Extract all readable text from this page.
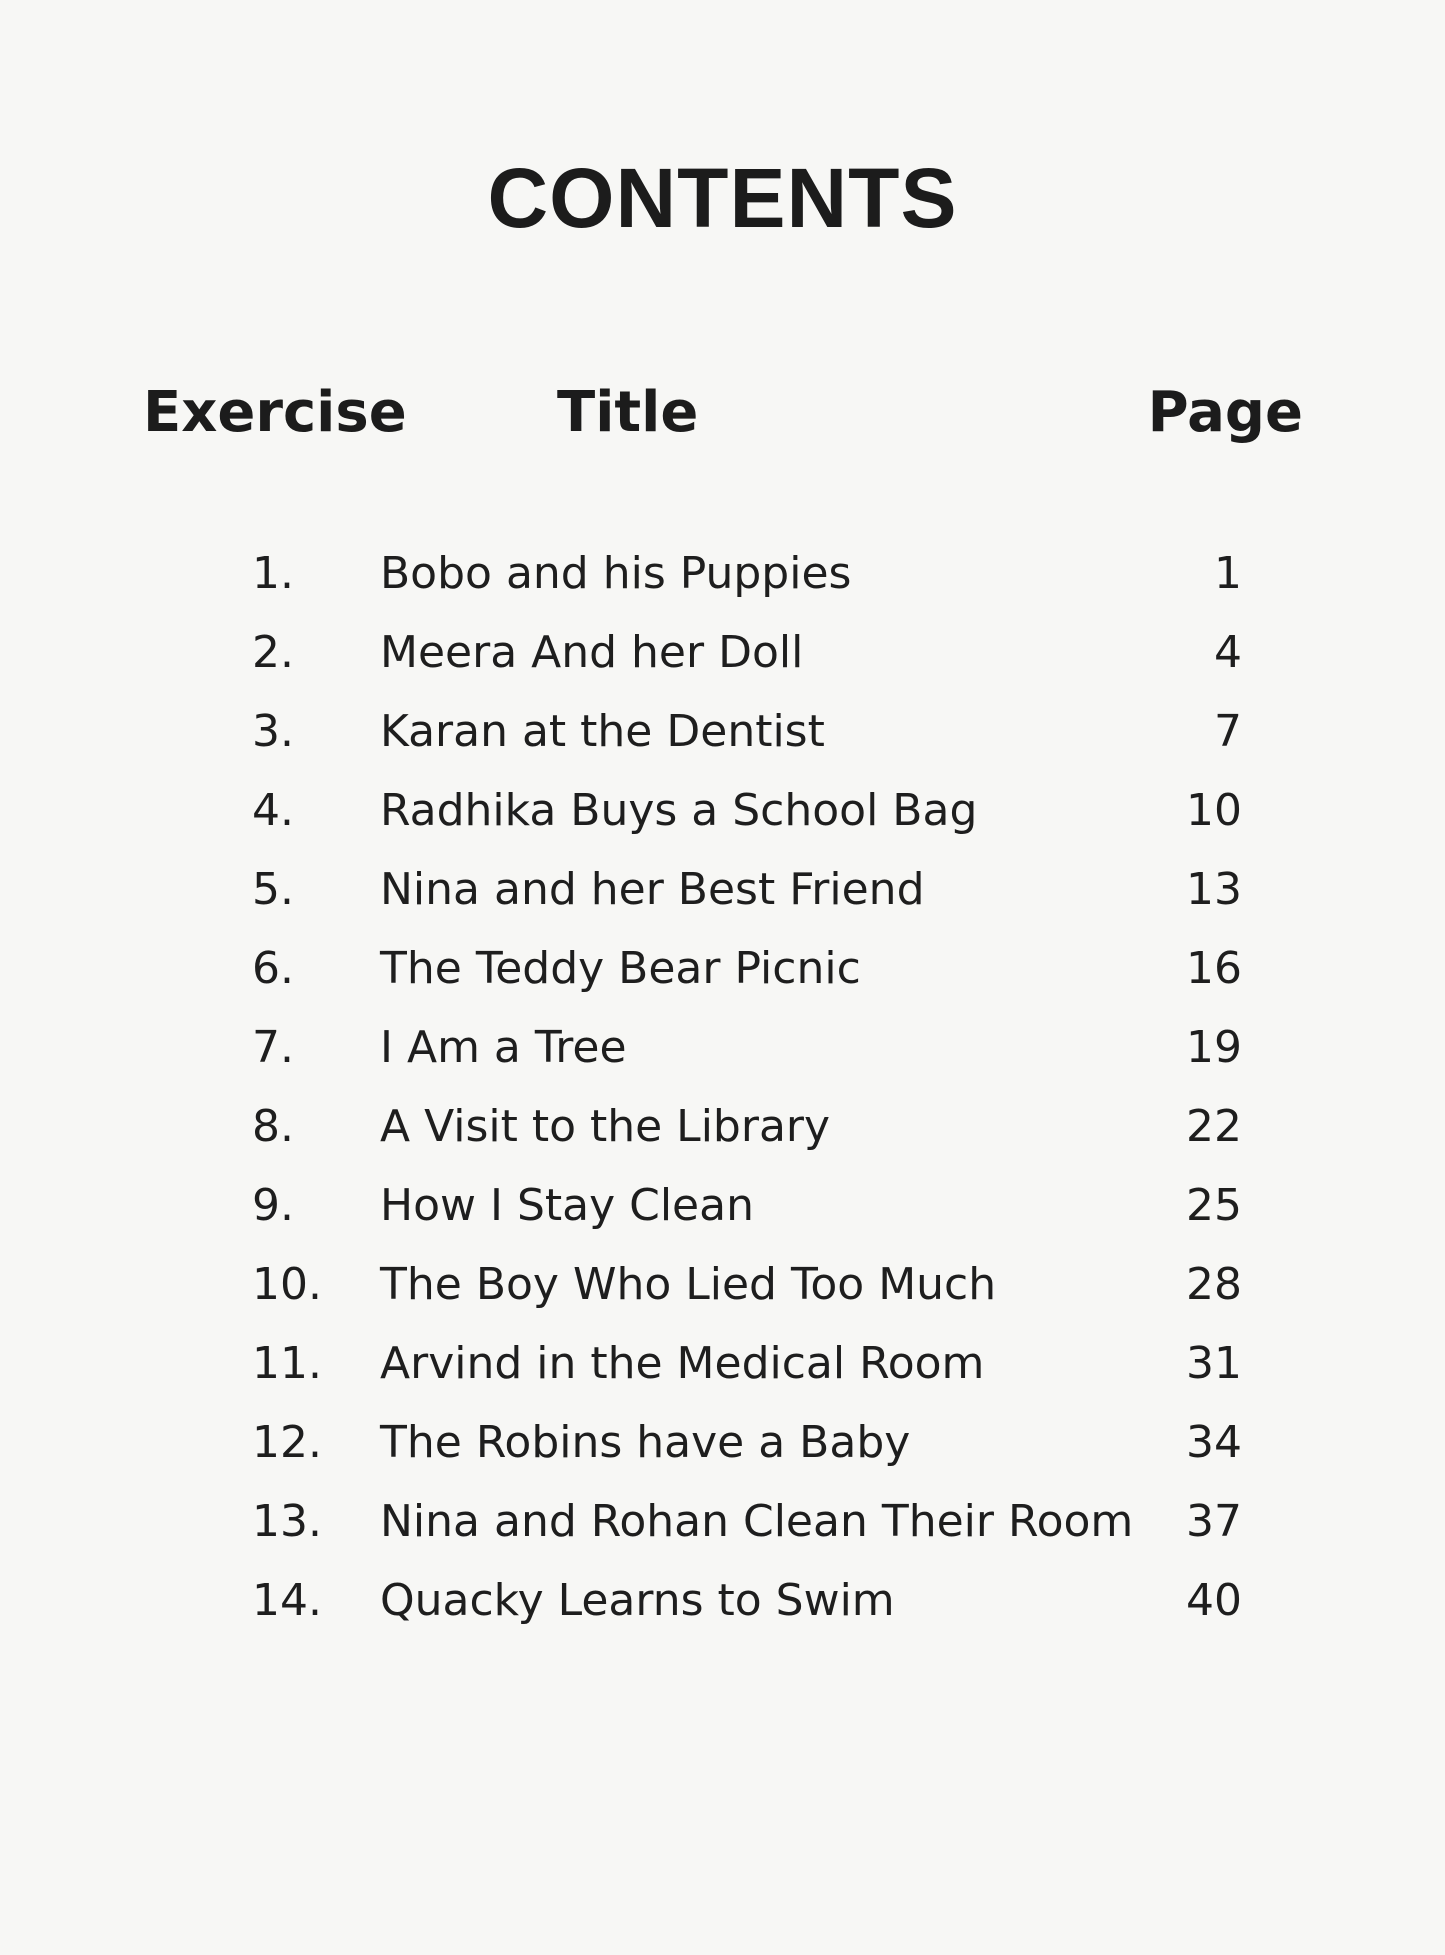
CONTENTS
Exercise	Title	Page
1. Bobo and his Puppies	1
2. Meera And her Doll	4
3. Karan at the Dentist	7
4. Radhika Buys a School Bag	10
5. Nina and her Best Friend	13
6. The Teddy Bear Picnic	16
7. I Am a Tree	19
8. A Visit to the Library	22
9. How I Stay Clean	25
10. The Boy Who Lied Too Much	28
11. Arvind in the Medical Room	31
12. The Robins have a Baby	34
13. Nina and Rohan Clean Their Room 37
14. Quacky Learns to Swim	40
